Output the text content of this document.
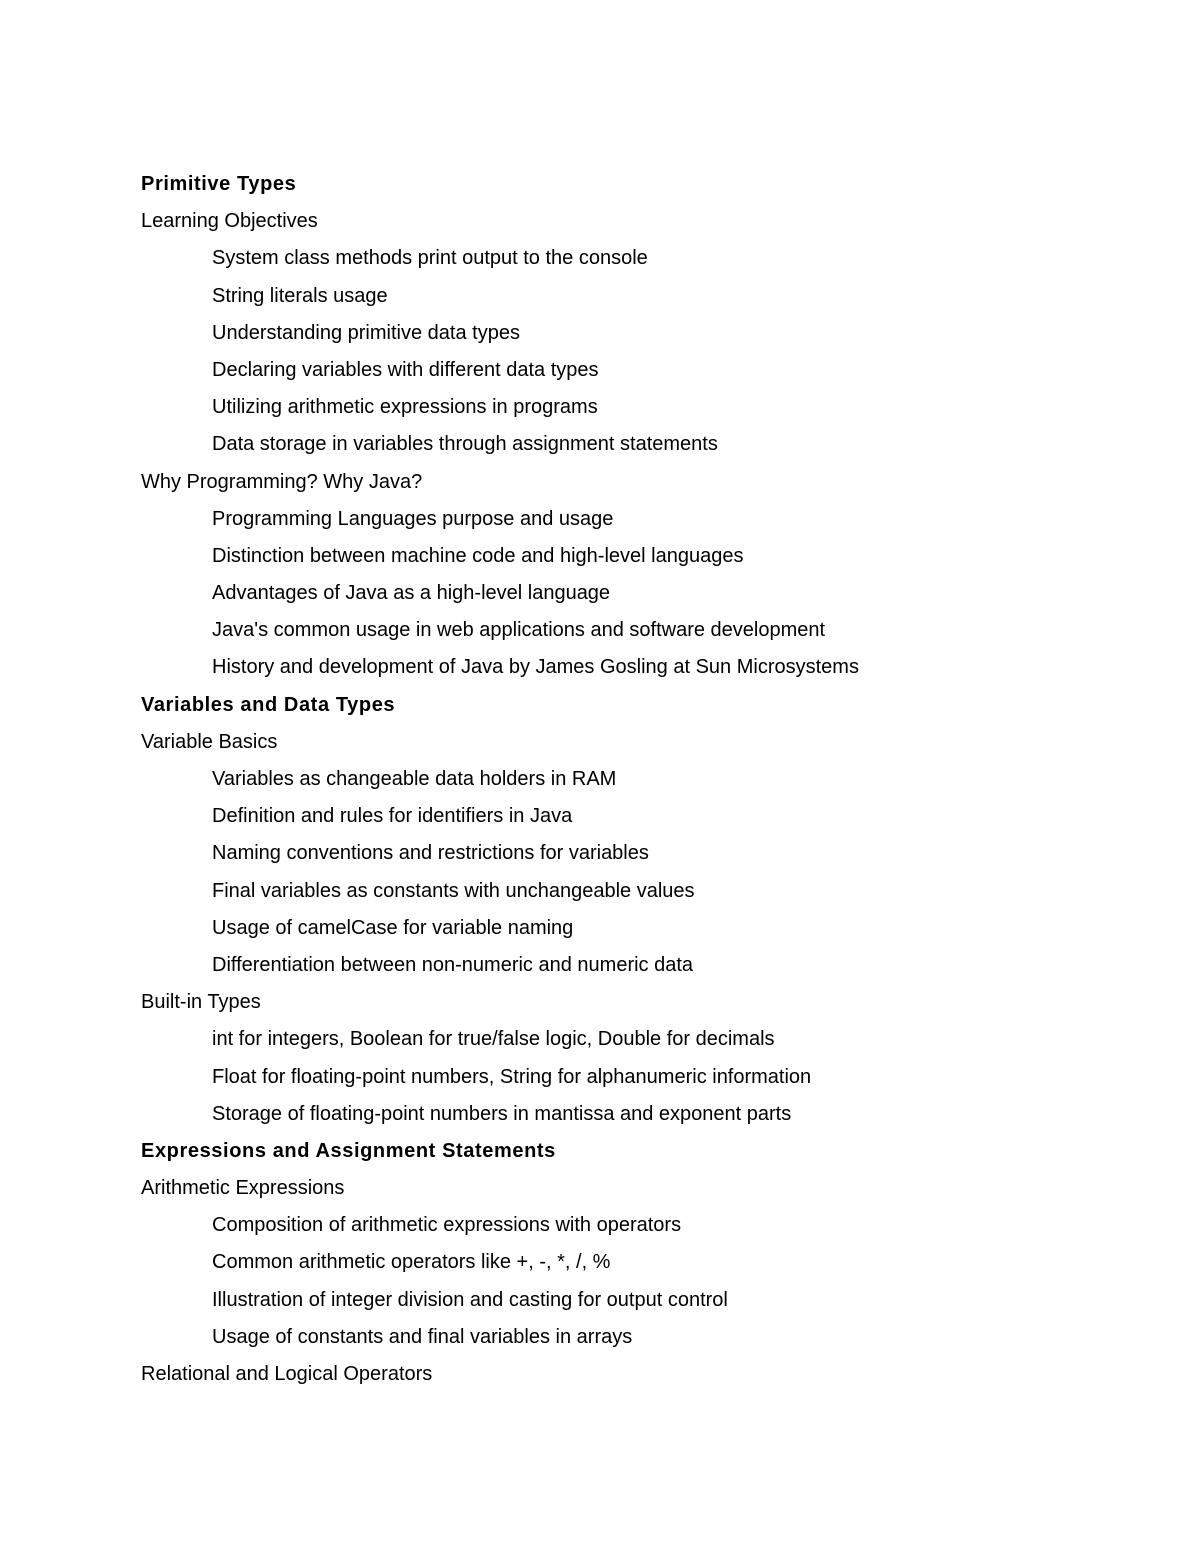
Primitive Types
Learning Objectives
System class methods print output to the console
String literals usage
Understanding primitive data types
Declaring variables with different data types
Utilizing arithmetic expressions in programs
Data storage in variables through assignment statements
Why Programming? Why Java?
Programming Languages purpose and usage
Distinction between machine code and high-level languages
Advantages of Java as a high-level language
Java's common usage in web applications and software development
History and development of Java by James Gosling at Sun Microsystems
Variables and Data Types
Variable Basics
Variables as changeable data holders in RAM
Definition and rules for identifiers in Java
Naming conventions and restrictions for variables
Final variables as constants with unchangeable values
Usage of camelCase for variable naming
Differentiation between non-numeric and numeric data
Built-in Types
int for integers, Boolean for true/false logic, Double for decimals
Float for floating-point numbers, String for alphanumeric information
Storage of floating-point numbers in mantissa and exponent parts
Expressions and Assignment Statements
Arithmetic Expressions
Composition of arithmetic expressions with operators
Common arithmetic operators like +, -, *, /, %
Illustration of integer division and casting for output control
Usage of constants and final variables in arrays
Relational and Logical Operators
